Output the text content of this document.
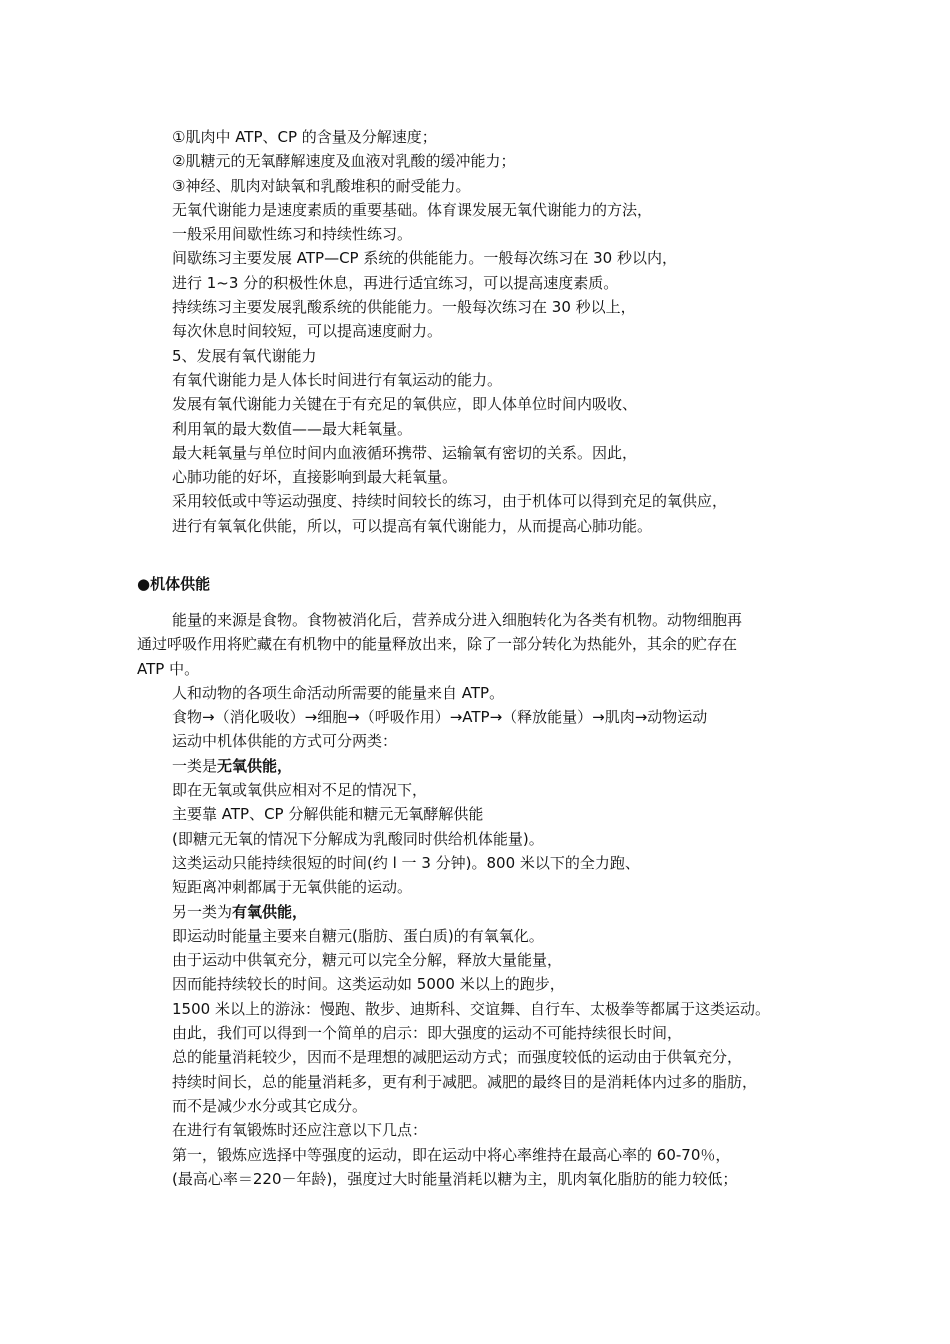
①肌肉中 ATP、CP 的含量及分解速度；
②肌糖元的无氧酵解速度及血液对乳酸的缓冲能力；
③神经、肌肉对缺氧和乳酸堆积的耐受能力。
无氧代谢能力是速度素质的重要基础。体育课发展无氧代谢能力的方法，
一般采用间歇性练习和持续性练习。
间歇练习主要发展 ATP—CP 系统的供能能力。一般每次练习在 30 秒以内，
进行 1~3 分的积极性休息，再进行适宜练习，可以提高速度素质。
持续练习主要发展乳酸系统的供能能力。一般每次练习在 30 秒以上，
每次休息时间较短，可以提高速度耐力。
5、发展有氧代谢能力
有氧代谢能力是人体长时间进行有氧运动的能力。
发展有氧代谢能力关键在于有充足的氧供应，即人体单位时间内吸收、
利用氧的最大数值——最大耗氧量。
最大耗氧量与单位时间内血液循环携带、运输氧有密切的关系。因此，
心肺功能的好坏，直接影响到最大耗氧量。
采用较低或中等运动强度、持续时间较长的练习，由于机体可以得到充足的氧供应，
进行有氧氧化供能，所以，可以提高有氧代谢能力，从而提高心肺功能。
●机体供能
能量的来源是食物。食物被消化后，营养成分进入细胞转化为各类有机物。动物细胞再
通过呼吸作用将贮藏在有机物中的能量释放出来，除了一部分转化为热能外，其余的贮存在
ATP 中。
人和动物的各项生命活动所需要的能量来自 ATP。
食物→（消化吸收）→细胞→（呼吸作用）→ATP→（释放能量）→肌肉→动物运动
运动中机体供能的方式可分两类：
一类是无氧供能，
即在无氧或氧供应相对不足的情况下，
主要靠 ATP、CP 分解供能和糖元无氧酵解供能
(即糖元无氧的情况下分解成为乳酸同时供给机体能量)。
这类运动只能持续很短的时间(约 l 一 3 分钟)。800 米以下的全力跑、
短距离冲刺都属于无氧供能的运动。
另一类为有氧供能，
即运动时能量主要来自糖元(脂肪、蛋白质)的有氧氧化。
由于运动中供氧充分，糖元可以完全分解，释放大量能量，
因而能持续较长的时间。这类运动如 5000 米以上的跑步，
1500 米以上的游泳：慢跑、散步、迪斯科、交谊舞、自行车、太极拳等都属于这类运动。
由此，我们可以得到一个简单的启示：即大强度的运动不可能持续很长时间，
总的能量消耗较少，因而不是理想的减肥运动方式；而强度较低的运动由于供氧充分，
持续时间长，总的能量消耗多，更有利于减肥。减肥的最终目的是消耗体内过多的脂肪，
而不是减少水分或其它成分。
在进行有氧锻炼时还应注意以下几点：
第一，锻炼应选择中等强度的运动，即在运动中将心率维持在最高心率的 60-70％，
(最高心率＝220－年龄)，强度过大时能量消耗以糖为主，肌肉氧化脂肪的能力较低；
